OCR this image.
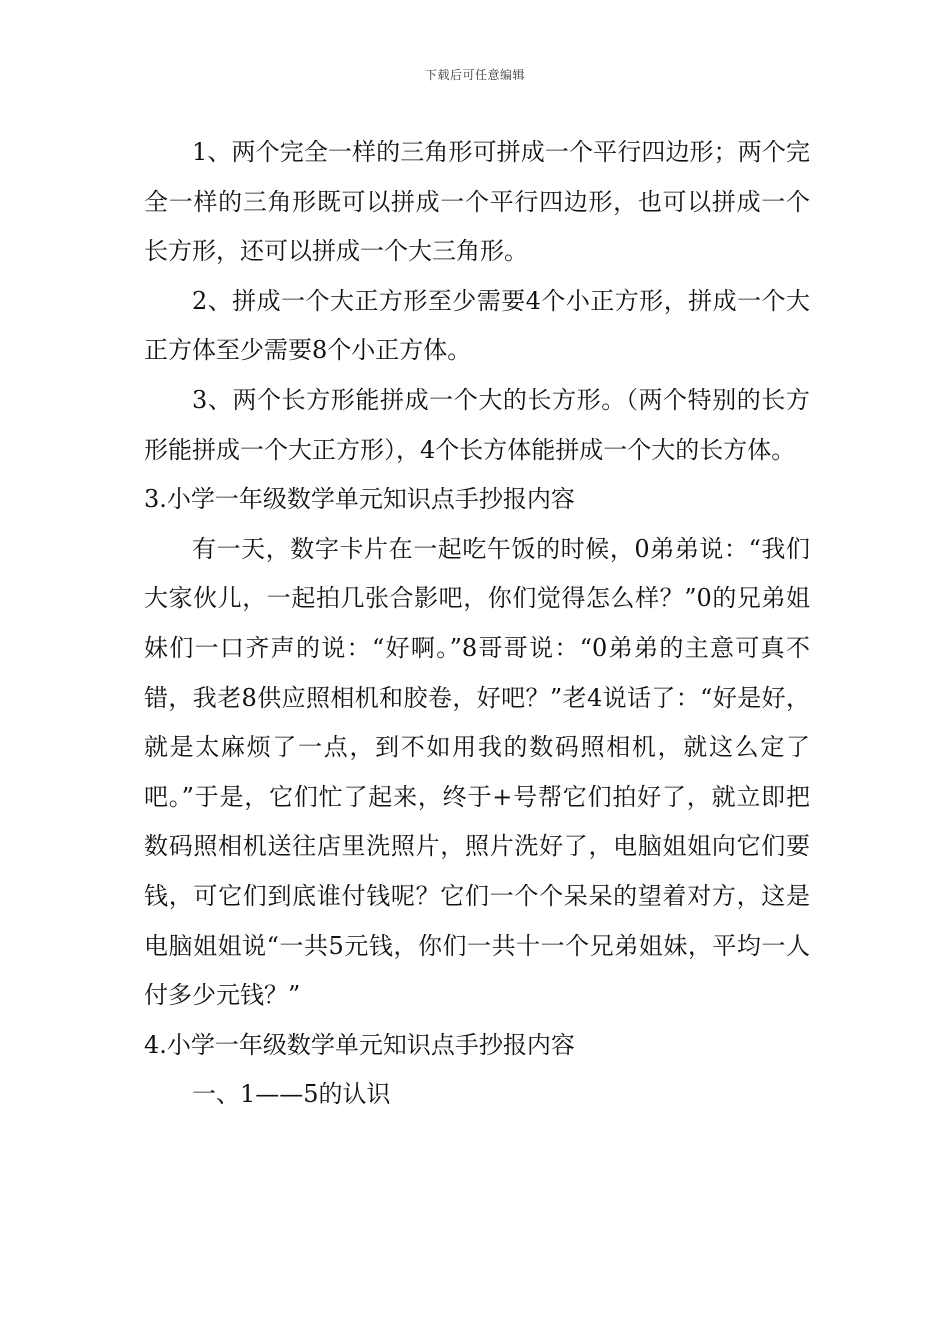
下载后可任意编辑

1、两个完全一样的三角形可拼成一个平行四边形；两个完全一样的三角形既可以拼成一个平行四边形，也可以拼成一个长方形，还可以拼成一个大三角形。

2、拼成一个大正方形至少需要4个小正方形，拼成一个大正方体至少需要8个小正方体。

3、两个长方形能拼成一个大的长方形。（两个特别的长方形能拼成一个大正方形），4个长方体能拼成一个大的长方体。

3.小学一年级数学单元知识点手抄报内容

有一天，数字卡片在一起吃午饭的时候，0弟弟说：“我们大家伙儿，一起拍几张合影吧，你们觉得怎么样？”0的兄弟姐妹们一口齐声的说：“好啊。”8哥哥说：“0弟弟的主意可真不错，我老8供应照相机和胶卷，好吧？”老4说话了：“好是好，就是太麻烦了一点，到不如用我的数码照相机，就这么定了吧。”于是，它们忙了起来，终于+号帮它们拍好了，就立即把数码照相机送往店里洗照片，照片洗好了，电脑姐姐向它们要钱，可它们到底谁付钱呢？它们一个个呆呆的望着对方，这是电脑姐姐说“一共5元钱，你们一共十一个兄弟姐妹，平均一人付多少元钱？”

4.小学一年级数学单元知识点手抄报内容

一、1——5的认识
